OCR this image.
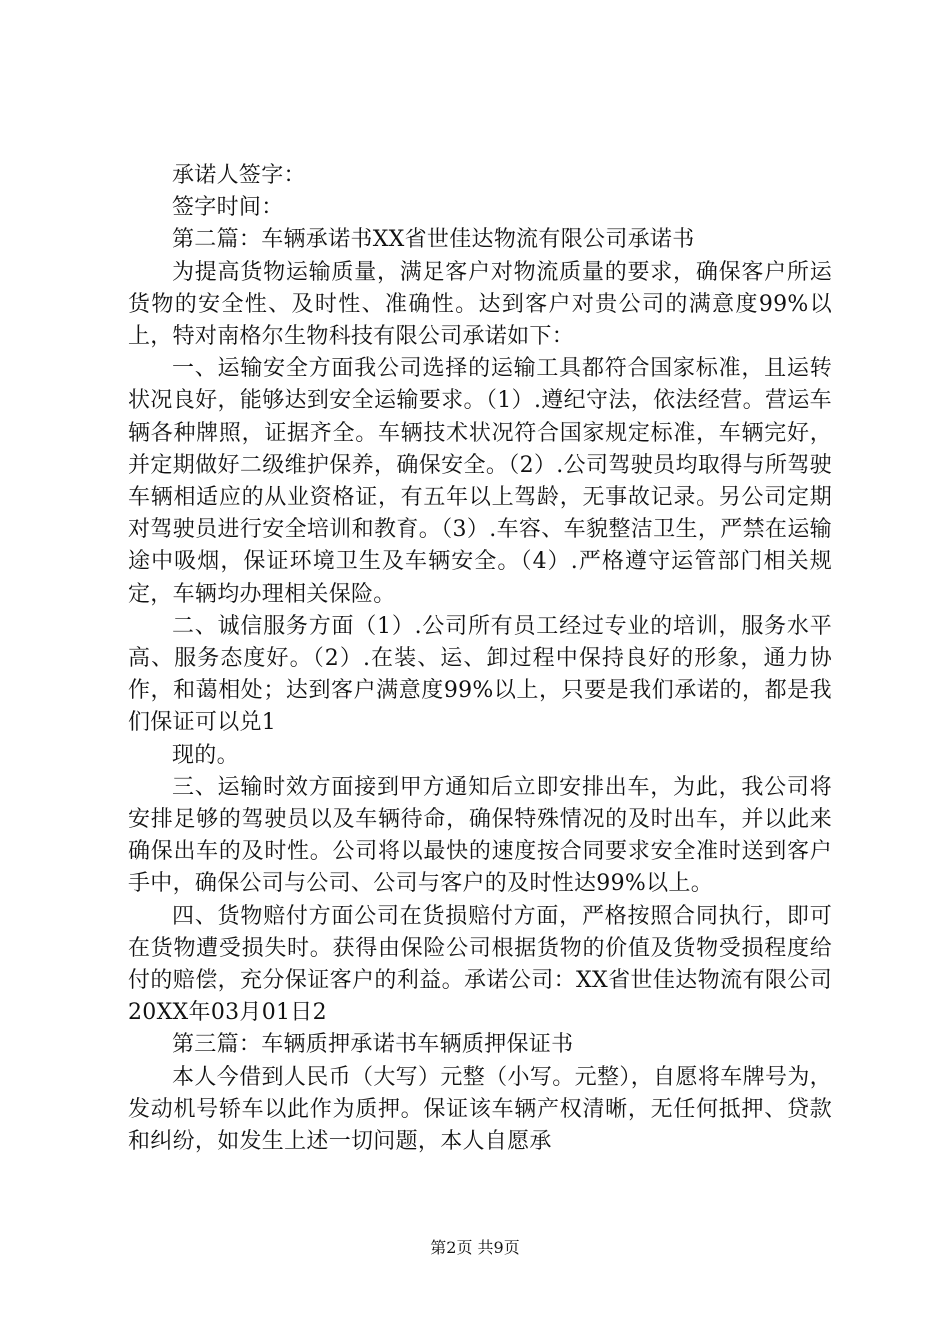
承诺人签字：

签字时间：

第二篇：车辆承诺书XX省世佳达物流有限公司承诺书

为提高货物运输质量，满足客户对物流质量的要求，确保客户所运货物的安全性、及时性、准确性。达到客户对贵公司的满意度99%以上，特对南格尔生物科技有限公司承诺如下：

一、运输安全方面我公司选择的运输工具都符合国家标准，且运转状况良好，能够达到安全运输要求。（1）.遵纪守法，依法经营。营运车辆各种牌照，证据齐全。车辆技术状况符合国家规定标准，车辆完好，并定期做好二级维护保养，确保安全。（2）.公司驾驶员均取得与所驾驶车辆相适应的从业资格证，有五年以上驾龄，无事故记录。另公司定期对驾驶员进行安全培训和教育。（3）.车容、车貌整洁卫生，严禁在运输途中吸烟，保证环境卫生及车辆安全。（4）.严格遵守运管部门相关规定，车辆均办理相关保险。

二、诚信服务方面（1）.公司所有员工经过专业的培训，服务水平高、服务态度好。（2）.在装、运、卸过程中保持良好的形象，通力协作，和蔼相处；达到客户满意度99%以上，只要是我们承诺的，都是我们保证可以兑1

现的。

三、运输时效方面接到甲方通知后立即安排出车，为此，我公司将安排足够的驾驶员以及车辆待命，确保特殊情况的及时出车，并以此来确保出车的及时性。公司将以最快的速度按合同要求安全准时送到客户手中，确保公司与公司、公司与客户的及时性达99%以上。

四、货物赔付方面公司在货损赔付方面，严格按照合同执行，即可在货物遭受损失时。获得由保险公司根据货物的价值及货物受损程度给付的赔偿，充分保证客户的利益。承诺公司：XX省世佳达物流有限公司20XX年03月01日2

第三篇：车辆质押承诺书车辆质押保证书

本人今借到人民币（大写）元整（小写。元整），自愿将车牌号为，发动机号轿车以此作为质押。保证该车辆产权清晰，无任何抵押、贷款和纠纷，如发生上述一切问题，本人自愿承

第2页 共9页
